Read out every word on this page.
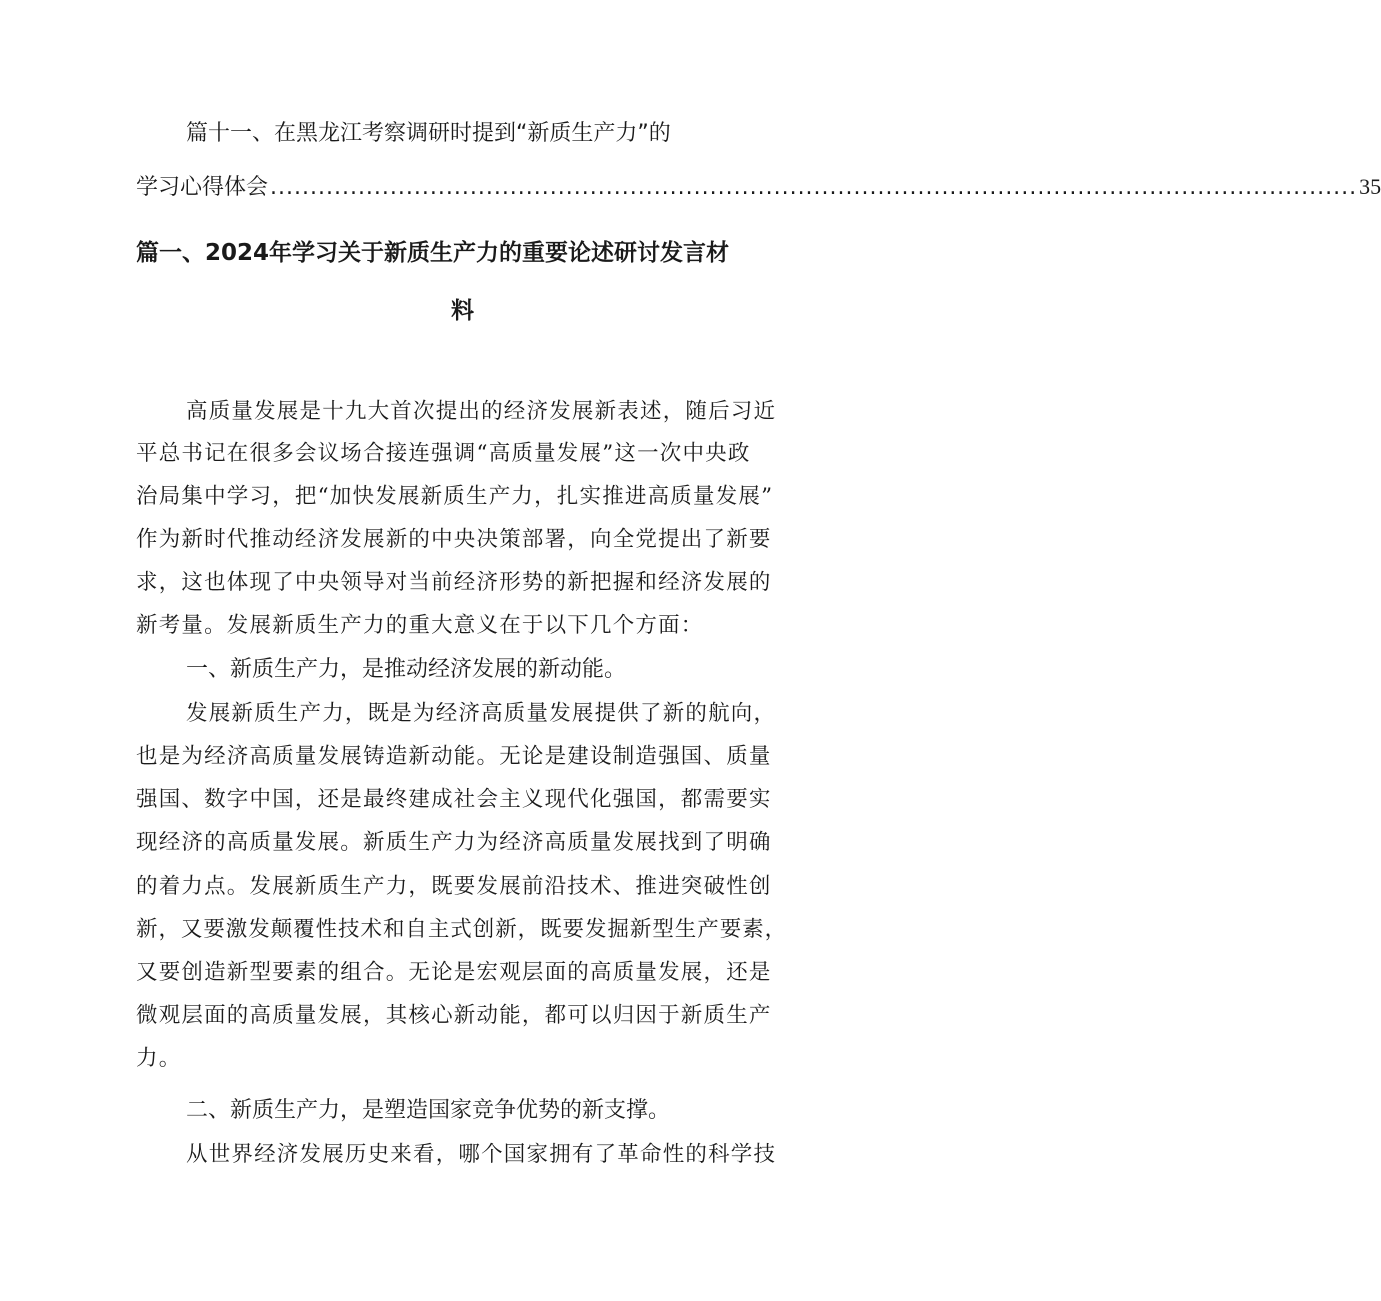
篇十一、在黑龙江考察调研时提到“新质生产力”的

学习心得体会 ........................................................................................................................................ 35

篇一、2024年学习关于新质生产力的重要论述研讨发言材

料

高质量发展是十九大首次提出的经济发展新表述，随后习近

平总书记在很多会议场合接连强调“高质量发展”这一次中央政

治局集中学习，把“加快发展新质生产力，扎实推进高质量发展”

作为新时代推动经济发展新的中央决策部署，向全党提出了新要

求，这也体现了中央领导对当前经济形势的新把握和经济发展的

新考量。发展新质生产力的重大意义在于以下几个方面：

一、新质生产力，是推动经济发展的新动能。

发展新质生产力，既是为经济高质量发展提供了新的航向，

也是为经济高质量发展铸造新动能。无论是建设制造强国、质量

强国、数字中国，还是最终建成社会主义现代化强国，都需要实

现经济的高质量发展。新质生产力为经济高质量发展找到了明确

的着力点。发展新质生产力，既要发展前沿技术、推进突破性创

新，又要激发颠覆性技术和自主式创新，既要发掘新型生产要素，

又要创造新型要素的组合。无论是宏观层面的高质量发展，还是

微观层面的高质量发展，其核心新动能，都可以归因于新质生产

力。

二、新质生产力，是塑造国家竞争优势的新支撑。

从世界经济发展历史来看，哪个国家拥有了革命性的科学技
